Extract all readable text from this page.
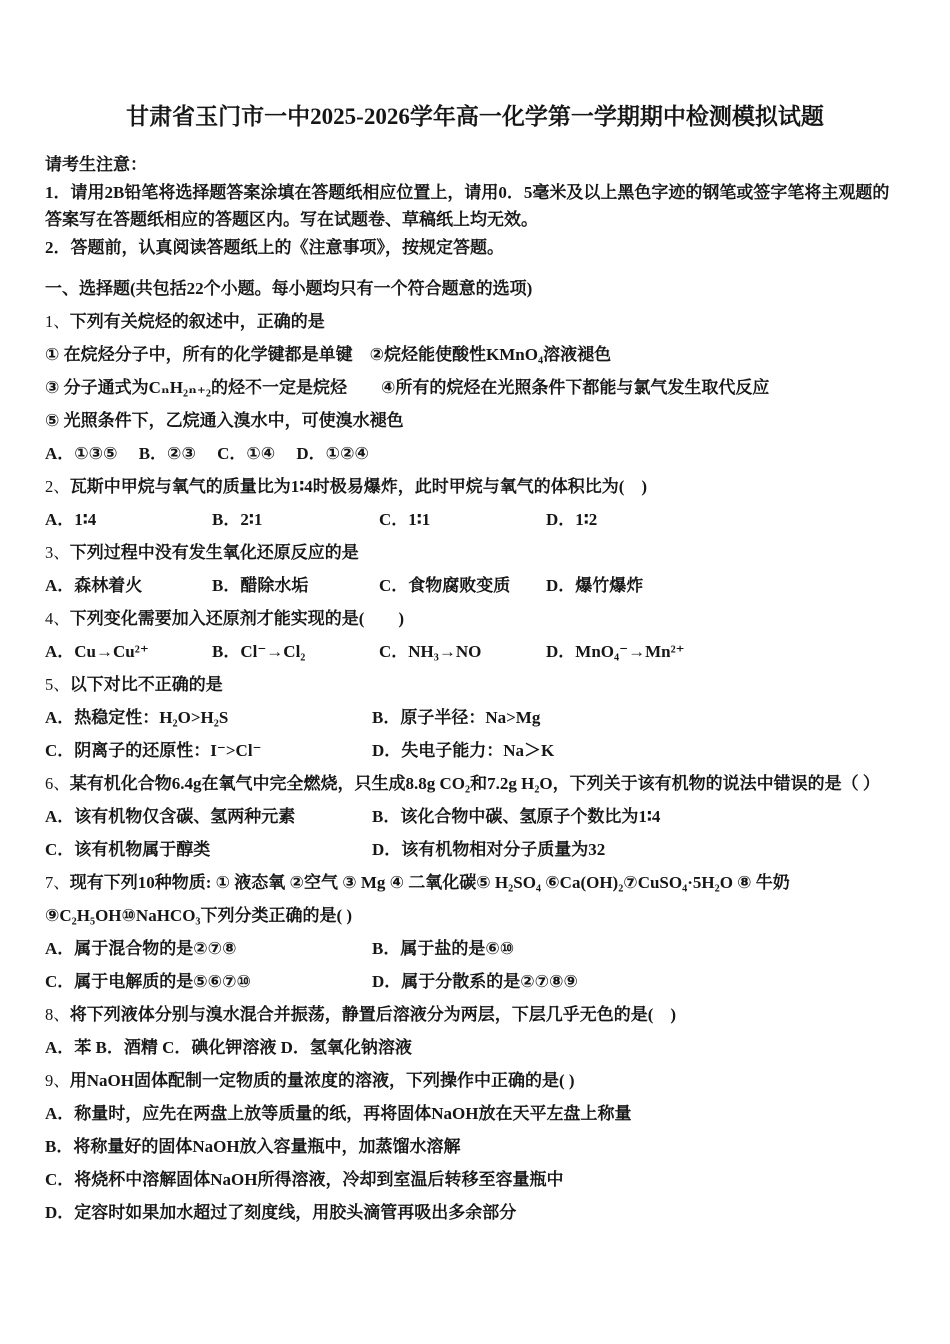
甘肃省玉门市一中2025-2026学年高一化学第一学期期中检测模拟试题
请考生注意：
1．请用2B铅笔将选择题答案涂填在答题纸相应位置上，请用0．5毫米及以上黑色字迹的钢笔或签字笔将主观题的
答案写在答题纸相应的答题区内。写在试题卷、草稿纸上均无效。
2．答题前，认真阅读答题纸上的《注意事项》，按规定答题。
一、选择题(共包括22个小题。每小题均只有一个符合题意的选项)
1、下列有关烷烃的叙述中，正确的是
① 在烷烃分子中，所有的化学键都是单键　②烷烃能使酸性KMnO₄溶液褪色
③ 分子通式为CₙH₂ₙ₊₂的烃不一定是烷烃　　④所有的烷烃在光照条件下都能与氯气发生取代反应
⑤ 光照条件下，乙烷通入溴水中，可使溴水褪色
A．①③⑤　 B．②③　 C．①④　 D．①②④
2、瓦斯中甲烷与氧气的质量比为1∶4时极易爆炸，此时甲烷与氧气的体积比为(　)
A．1∶4	B．2∶1	C．1∶1	D．1∶2
3、下列过程中没有发生氧化还原反应的是
A．森林着火	B．醋除水垢	C．食物腐败变质	D．爆竹爆炸
4、下列变化需要加入还原剂才能实现的是(　　)
A．Cu→Cu²⁺	B．Cl⁻→Cl₂	C．NH₃→NO	D．MnO₄⁻→Mn²⁺
5、以下对比不正确的是
A．热稳定性：H₂O>H₂S	B．原子半径：Na>Mg
C．阴离子的还原性：I⁻>Cl⁻	D．失电子能力：Na＞K
6、某有机化合物6.4g在氧气中完全燃烧，只生成8.8g CO₂和7.2g H₂O，下列关于该有机物的说法中错误的是（ ）
A．该有机物仅含碳、氢两种元素	B．该化合物中碳、氢原子个数比为1∶4
C．该有机物属于醇类	D．该有机物相对分子质量为32
7、现有下列10种物质: ① 液态氧 ②空气 ③ Mg ④ 二氧化碳⑤ H₂SO₄ ⑥Ca(OH)₂⑦CuSO₄·5H₂O ⑧ 牛奶
⑨C₂H₅OH⑩NaHCO₃下列分类正确的是( )
A．属于混合物的是②⑦⑧	B．属于盐的是⑥⑩
C．属于电解质的是⑤⑥⑦⑩	D．属于分散系的是②⑦⑧⑨
8、将下列液体分别与溴水混合并振荡，静置后溶液分为两层，下层几乎无色的是(　)
A．苯 B．酒精 C．碘化钾溶液 D．氢氧化钠溶液
9、用NaOH固体配制一定物质的量浓度的溶液，下列操作中正确的是( )
A．称量时，应先在两盘上放等质量的纸，再将固体NaOH放在天平左盘上称量
B．将称量好的固体NaOH放入容量瓶中，加蒸馏水溶解
C．将烧杯中溶解固体NaOH所得溶液，冷却到室温后转移至容量瓶中
D．定容时如果加水超过了刻度线，用胶头滴管再吸出多余部分
